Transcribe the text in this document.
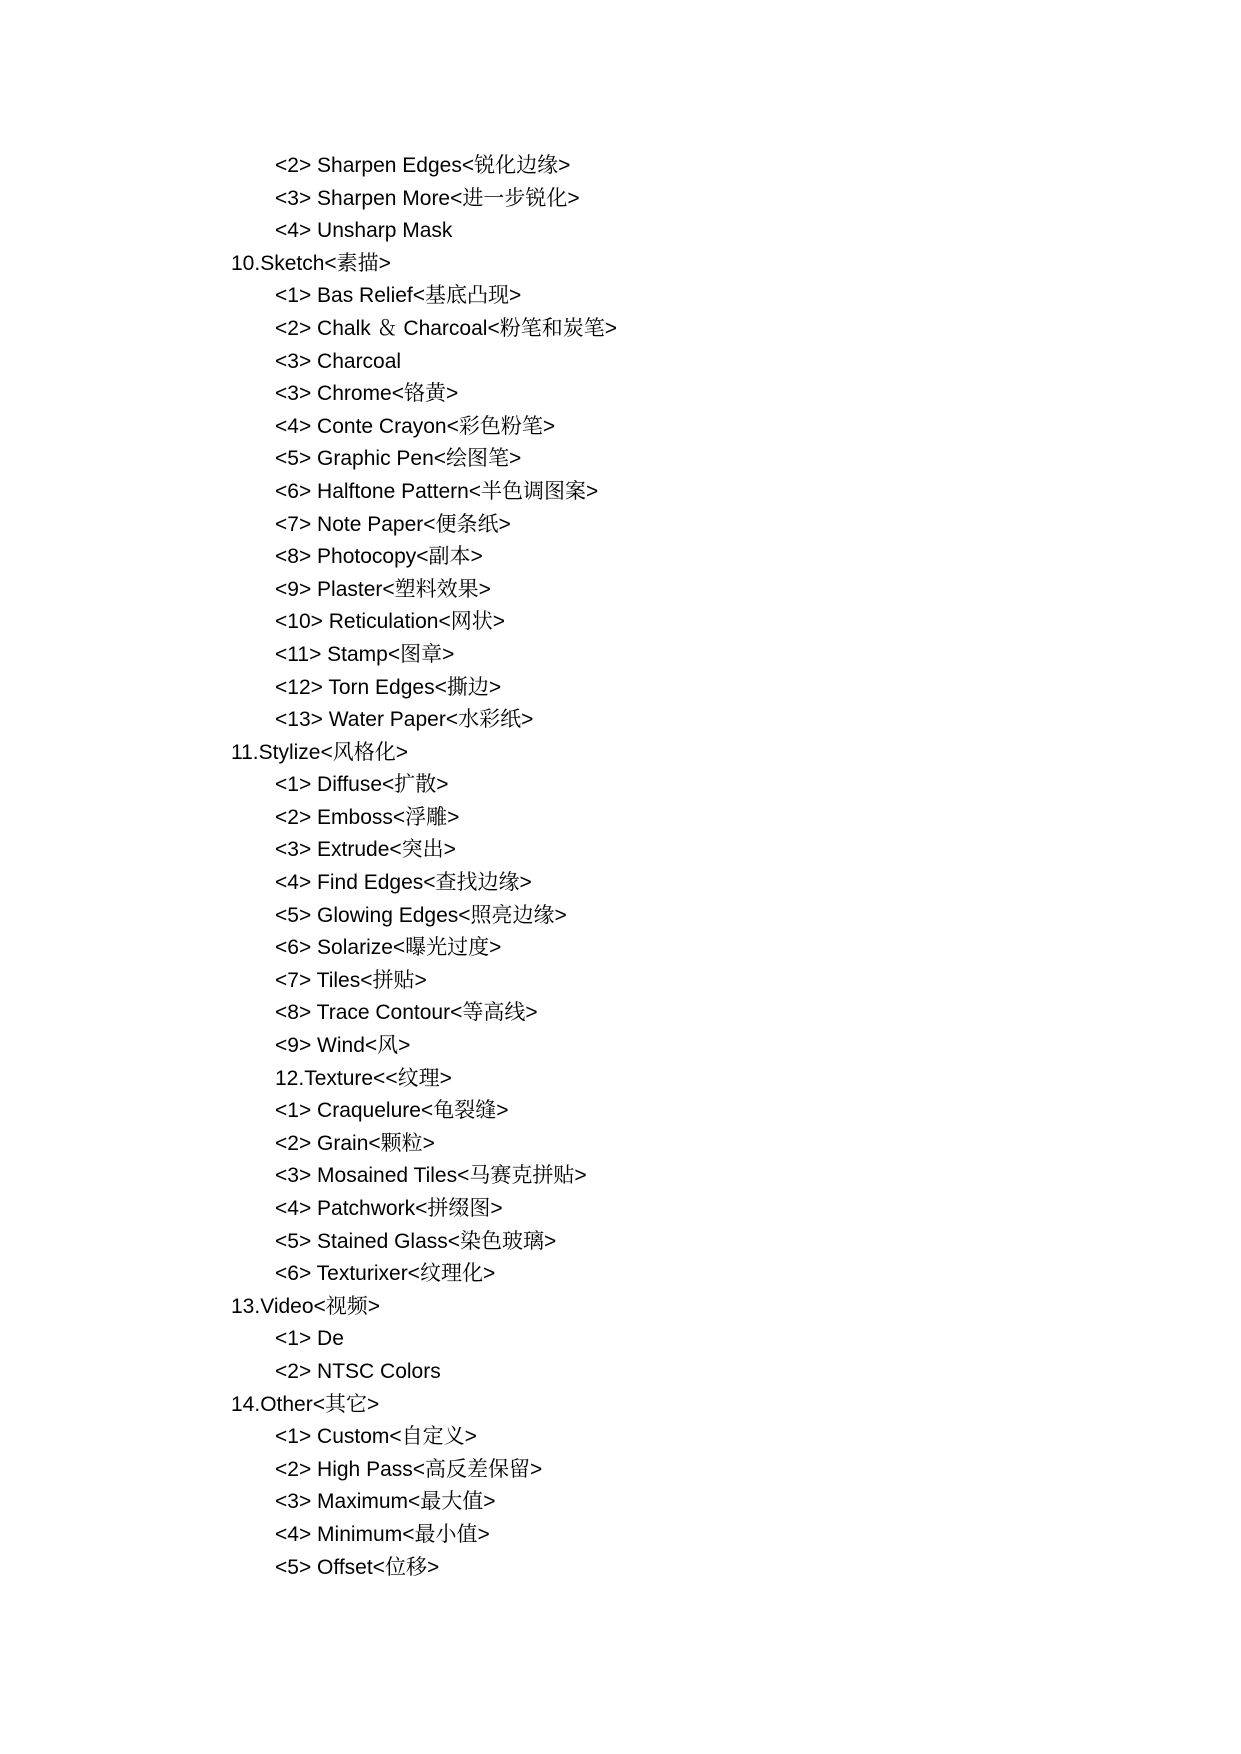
<2> Sharpen Edges<锐化边缘>
<3> Sharpen More<进一步锐化>
<4> Unsharp Mask
10.Sketch<素描>
<1> Bas Relief<基底凸现>
<2> Chalk ＆ Charcoal<粉笔和炭笔>
<3> Charcoal
<3> Chrome<铬黄>
<4> Conte Crayon<彩色粉笔>
<5> Graphic Pen<绘图笔>
<6> Halftone Pattern<半色调图案>
<7> Note Paper<便条纸>
<8> Photocopy<副本>
<9> Plaster<塑料效果>
<10> Reticulation<网状>
<11> Stamp<图章>
<12> Torn Edges<撕边>
<13> Water Paper<水彩纸>
11.Stylize<风格化>
<1> Diffuse<扩散>
<2> Emboss<浮雕>
<3> Extrude<突出>
<4> Find Edges<查找边缘>
<5> Glowing Edges<照亮边缘>
<6> Solarize<曝光过度>
<7> Tiles<拼贴>
<8> Trace Contour<等高线>
<9> Wind<风>
12.Texture<<纹理>
<1> Craquelure<龟裂缝>
<2> Grain<颗粒>
<3> Mosained Tiles<马赛克拼贴>
<4> Patchwork<拼缀图>
<5> Stained Glass<染色玻璃>
<6> Texturixer<纹理化>
13.Video<视频>
<1> De
<2> NTSC Colors
14.Other<其它>
<1> Custom<自定义>
<2> High Pass<高反差保留>
<3> Maximum<最大值>
<4> Minimum<最小值>
<5> Offset<位移>
